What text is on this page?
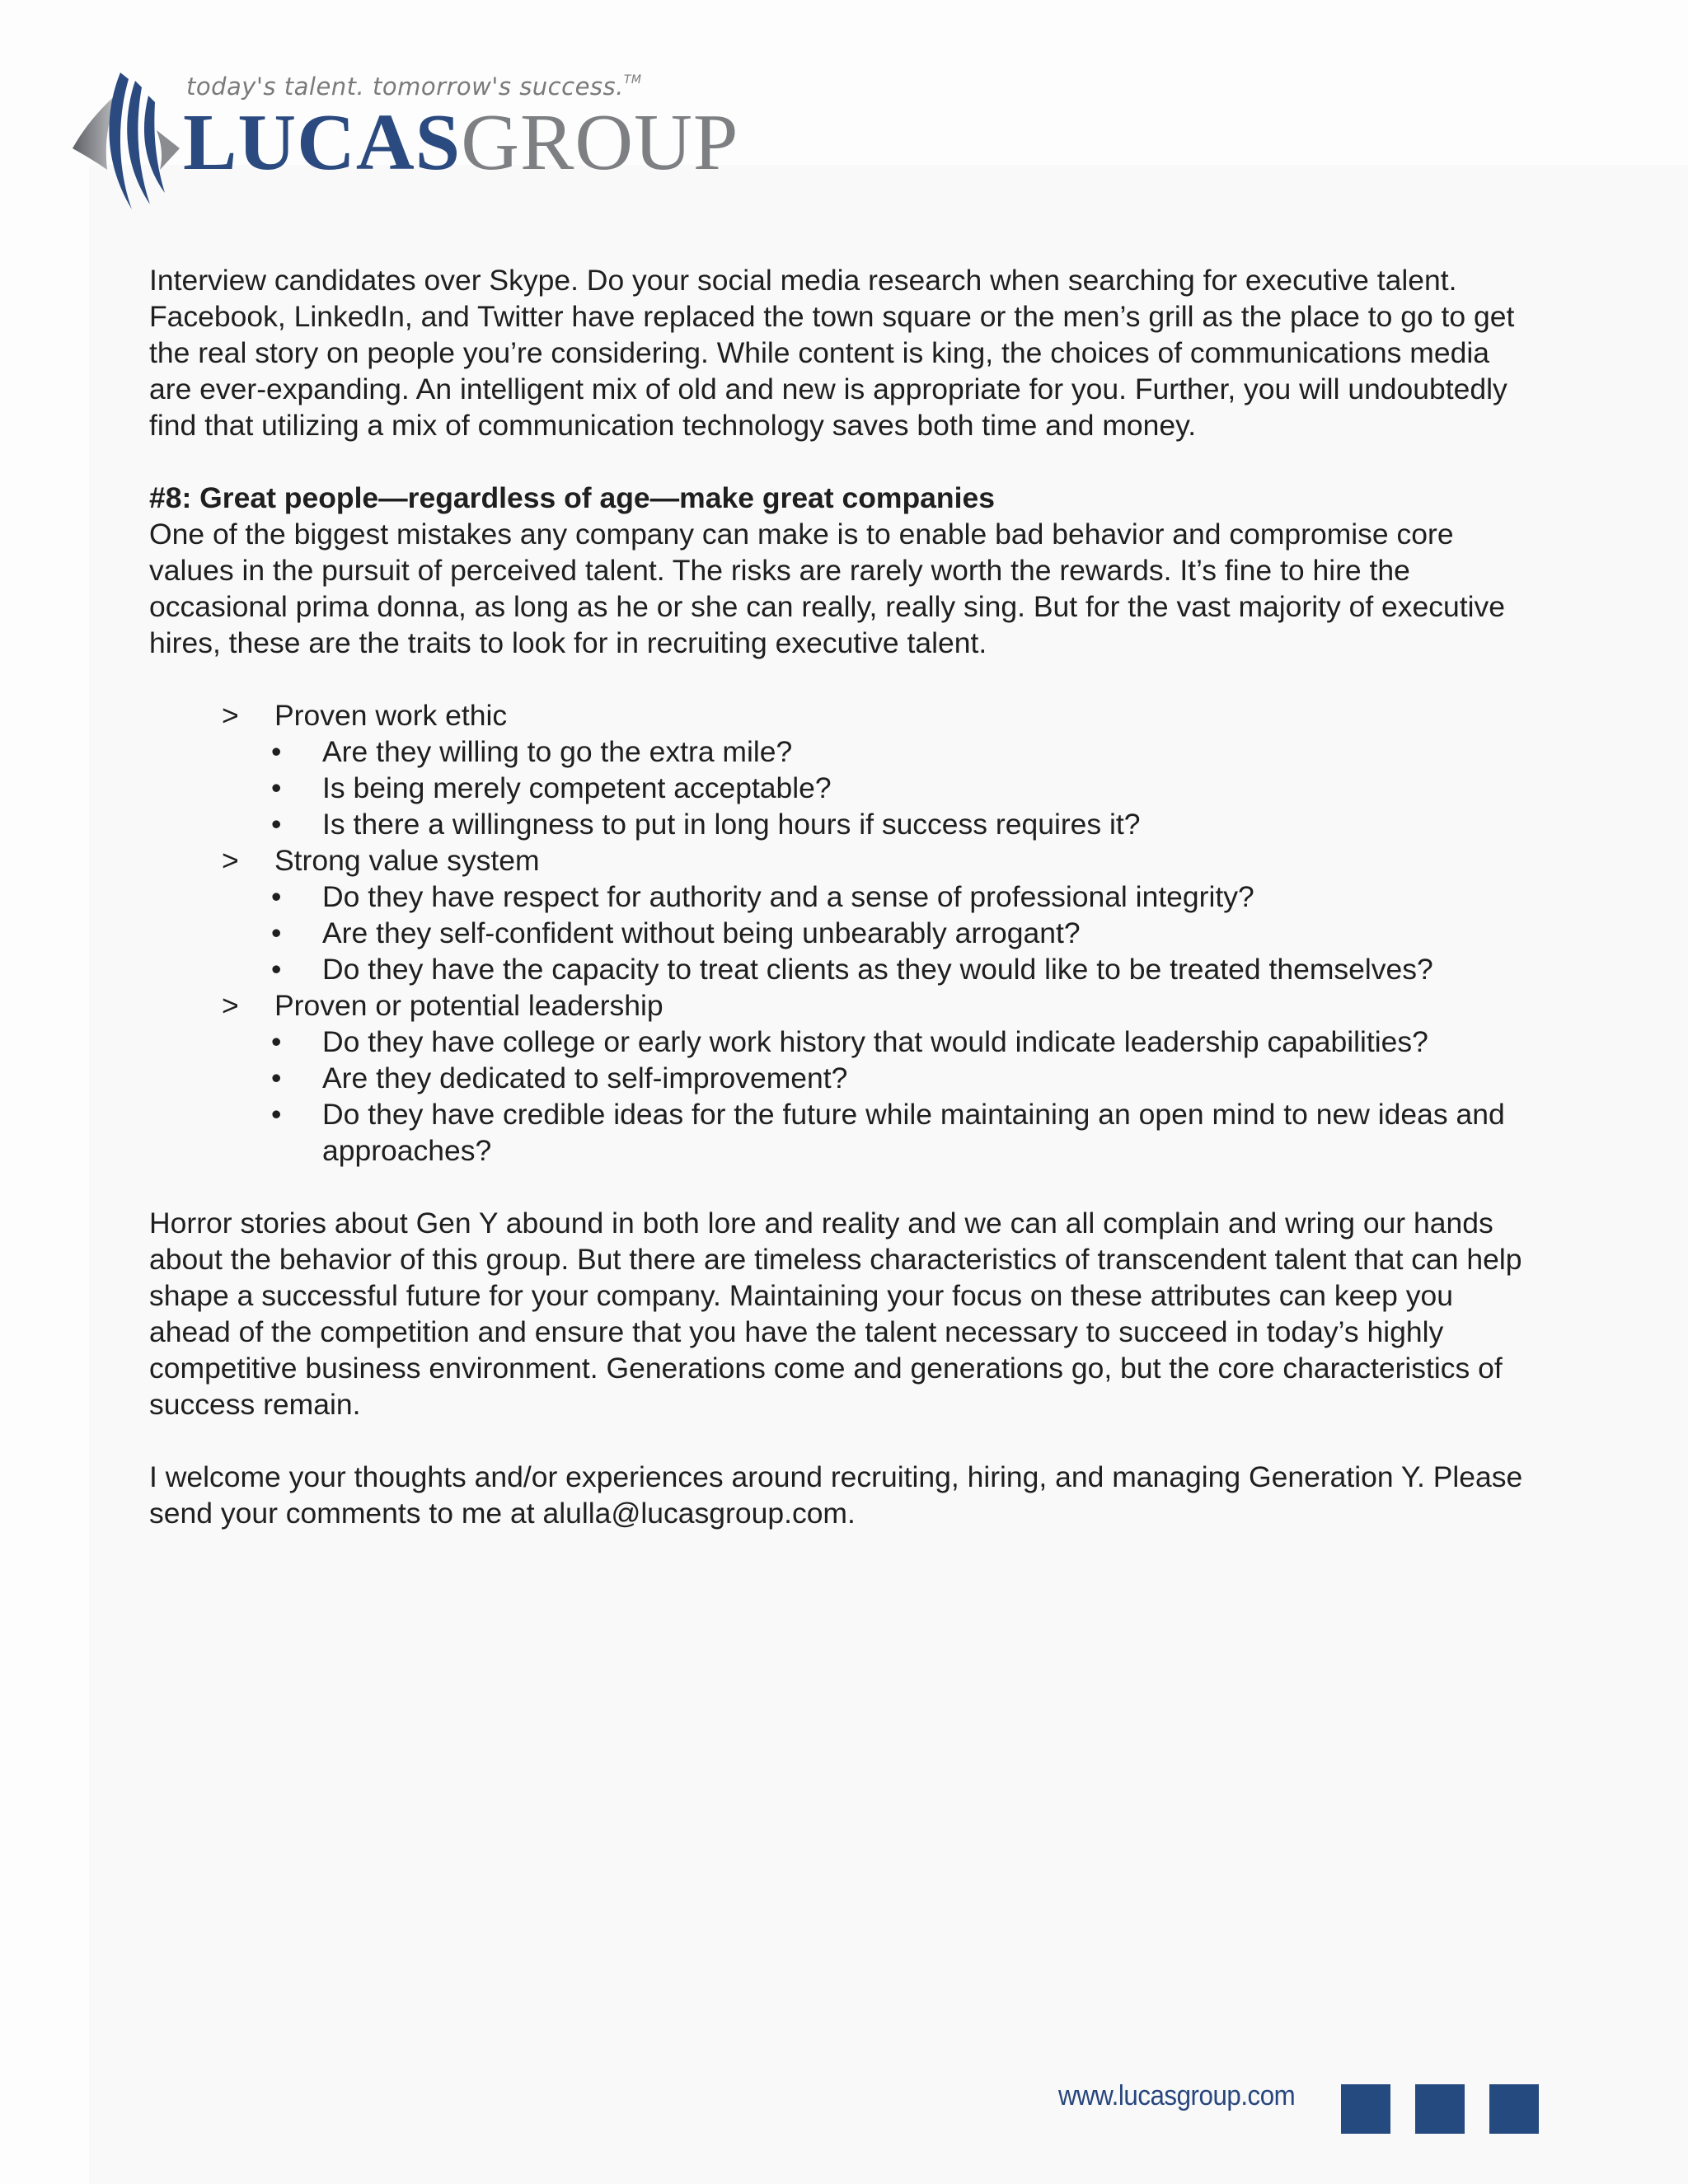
today's talent. tomorrow's success.™
LUCASGROUP

Interview candidates over Skype. Do your social media research when searching for executive talent. Facebook, LinkedIn, and Twitter have replaced the town square or the men’s grill as the place to go to get the real story on people you’re considering. While content is king, the choices of communications media are ever-expanding. An intelligent mix of old and new is appropriate for you. Further, you will undoubtedly find that utilizing a mix of communication technology saves both time and money.

#8: Great people—regardless of age—make great companies

One of the biggest mistakes any company can make is to enable bad behavior and compromise core values in the pursuit of perceived talent. The risks are rarely worth the rewards. It’s fine to hire the occasional prima donna, as long as he or she can really, really sing. But for the vast majority of executive hires, these are the traits to look for in recruiting executive talent.

> Proven work ethic
• Are they willing to go the extra mile?
• Is being merely competent acceptable?
• Is there a willingness to put in long hours if success requires it?
> Strong value system
• Do they have respect for authority and a sense of professional integrity?
• Are they self-confident without being unbearably arrogant?
• Do they have the capacity to treat clients as they would like to be treated themselves?
> Proven or potential leadership
• Do they have college or early work history that would indicate leadership capabilities?
• Are they dedicated to self-improvement?
• Do they have credible ideas for the future while maintaining an open mind to new ideas and approaches?

Horror stories about Gen Y abound in both lore and reality and we can all complain and wring our hands about the behavior of this group. But there are timeless characteristics of transcendent talent that can help shape a successful future for your company. Maintaining your focus on these attributes can keep you ahead of the competition and ensure that you have the talent necessary to succeed in today’s highly competitive business environment. Generations come and generations go, but the core characteristics of success remain.

I welcome your thoughts and/or experiences around recruiting, hiring, and managing Generation Y. Please send your comments to me at alulla@lucasgroup.com.

www.lucasgroup.com
